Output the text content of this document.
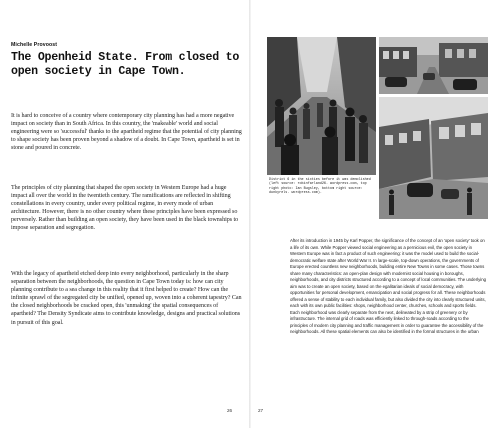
Michelle Provoost
The Openheid State. From closed to open society in Cape Town.

It is hard to conceive of a country where contemporary city planning has had a more negative impact on society than in South Africa. In this country, the 'makeable' world and social engineering were so 'successful' thanks to the apartheid regime that the potential of city planning to shape society has been proven beyond a shadow of a doubt. In Cape Town, apartheid is set in stone and poured in concrete.

The principles of city planning that shaped the open society in Western Europe had a huge impact all over the world in the twentieth century. The ramifications are reflected in shifting constellations in every country, under every political regime, in every mode of urban architecture. However, there is no other country where these principles have been expressed so perversely. Rather than building an open society, they have been used in the black townships to impose separation and segregation.

With the legacy of apartheid etched deep into every neighborhood, particularly in the sharp separation between the neighborhoods, the question in Cape Town today is: how can city planning contribute to a sea change in this reality that it first helped to create? How can the infinite sprawl of the segregated city be unified, opened up, woven into a coherent tapestry? Can the closed neighborhoods be cracked open, this 'unmaking' the spatial consequences of apartheid? The Density Syndicate aims to contribute knowledge, designs and practical solutions in pursuit of this goal.

26

District 6 in the sixties before it was demolished (left source: robinfarland26. wordpress.com, top right photo: Ian Bugsley, bottom right source: dunkyrels. wordpress.com).

After its introduction in 1945 by Karl Popper, the significance of the concept of an 'open society' took on a life of its own. While Popper viewed social engineering as a pernicious evil, the open society in Western Europe was in fact a product of such engineering: it was the model used to build the social-democratic welfare state after World War II. In large-scale, top-down operations, the governments of Europe erected countless new neighborhoods, building entire New Towns in some cases. Those towns share many characteristics: an open-plan design with modernist social housing in boroughs, neighborhoods, and city districts structured according to a concept of local communities. The underlying aim was to create an open society, based on the egalitarian ideals of social democracy, with opportunities for personal development, emancipation and social progress for all. These neighborhoods offered a sense of stability to each individual family, but also divided the city into clearly structured units, each with its own public facilities: shops, neighborhood center, churches, schools and sports fields. Each neighborhood was clearly separate from the next, delineated by a strip of greenery or by infrastructure. The internal grid of roads was efficiently linked to through-roads according to the principles of modern city planning and traffic management in order to guarantee the accessibility of the neighborhoods. All these spatial elements can also be identified in the formal structures in the urban

27
